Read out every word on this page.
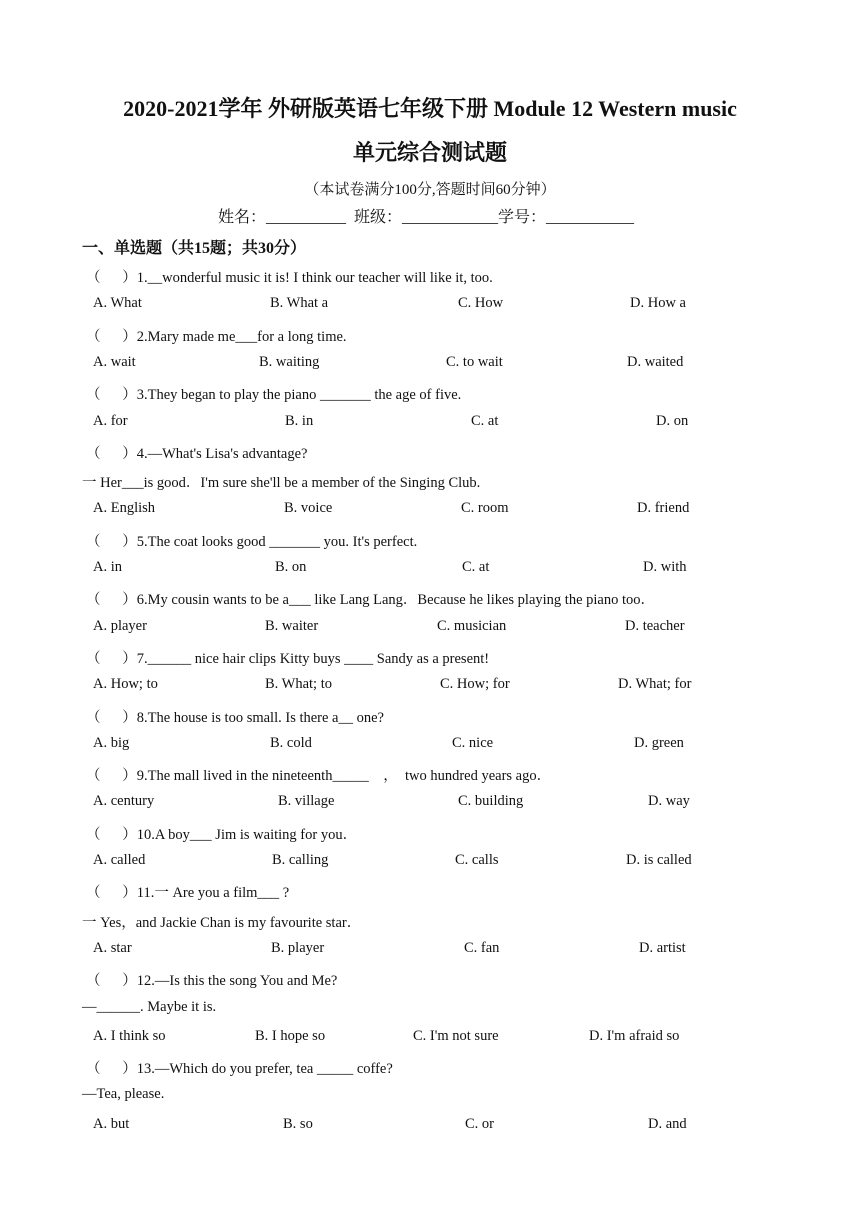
2020-2021学年 外研版英语七年级下册 Module 12 Western music
单元综合测试题
（本试卷满分100分,答题时间60分钟）
姓名：__________  班级：____________学号：___________
一、单选题（共15题；共30分）
（      ）1.__wonderful music it is! I think our teacher will like it, too.
A. What	B. What a	C. How	D. How a
（      ）2.Mary made me___for a long time.
A. wait	B. waiting	C. to wait	D. waited
（      ）3.They began to play the piano _______ the age of five.
A. for	B. in	C. at	D. on
（      ）4.—What's Lisa's advantage?
一 Her___is good．I'm sure she'll be a member of the Singing Club.
A. English	B. voice	C. room	D. friend
（      ）5.The coat looks good _______ you. It's perfect.
A. in	B. on	C. at	D. with
（      ）6.My cousin wants to be a___ like Lang Lang．Because he likes playing the piano too．
A. player	B. waiter	C. musician	D. teacher
（      ）7.______ nice hair clips Kitty buys ____ Sandy as a present!
A. How; to	B. What; to	C. How; for	D. What; for
（      ）8.The house is too small. Is there a__ one?
A. big	B. cold	C. nice	D. green
（      ）9.The mall lived in the nineteenth_____    ，  two hundred years ago．
A. century	B. village	C. building	D. way
（      ）10.A boy___ Jim is waiting for you．
A. called	B. calling	C. calls	D. is called
（      ）11.一 Are you a film___ ?
一 Yes，and Jackie Chan is my favourite star．
A. star	B. player	C. fan	D. artist
（      ）12.—Is this the song You and Me?
—______. Maybe it is.
A. I think so	B. I hope so	C. I'm not sure	D. I'm afraid so
（      ）13.—Which do you prefer, tea _____ coffe?
—Tea, please.
A. but	B. so	C. or	D. and
